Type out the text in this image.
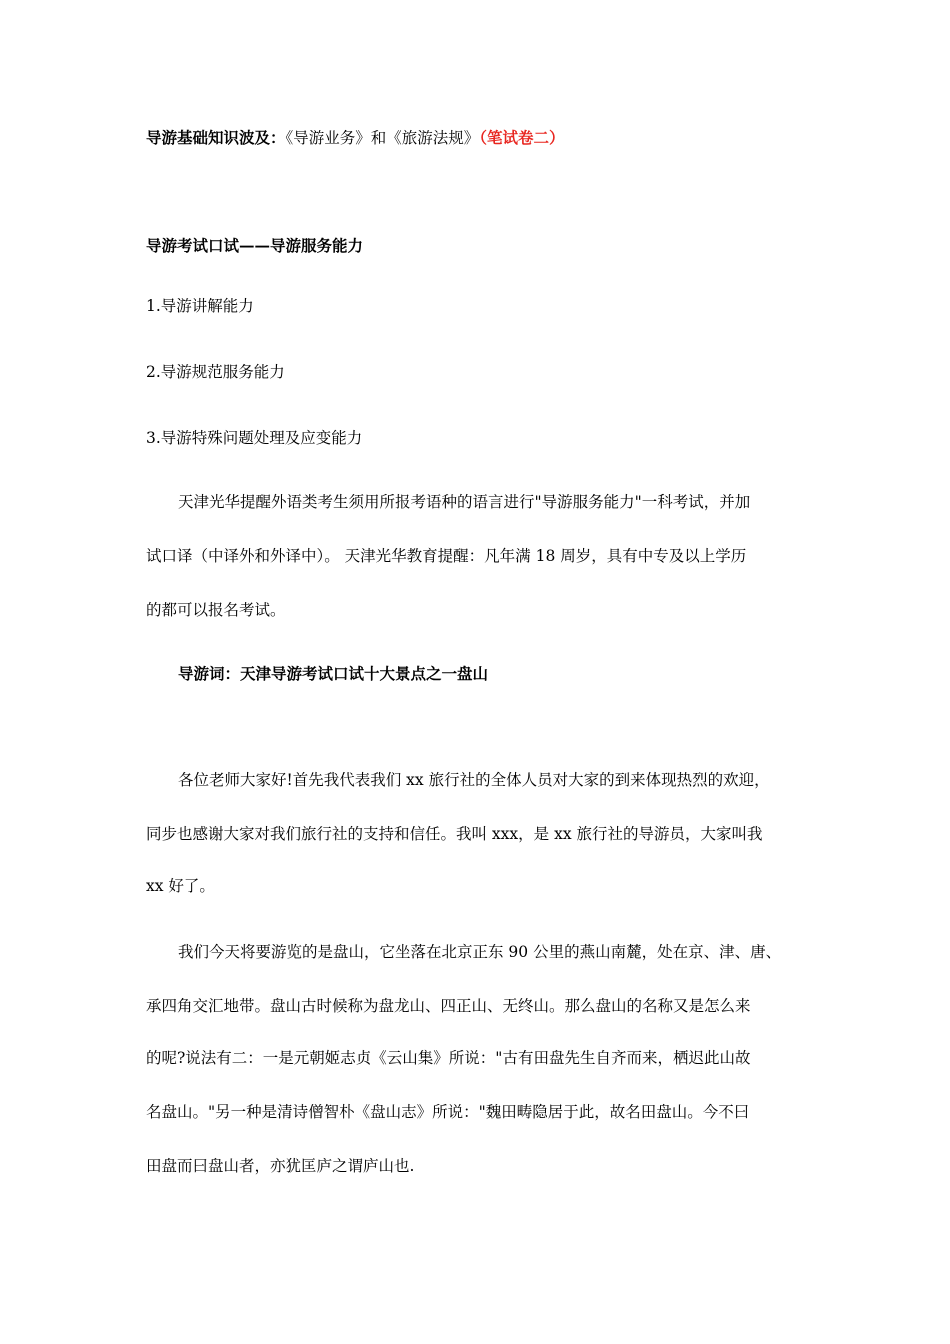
导游基础知识波及：《导游业务》和《旅游法规》（笔试卷二）
导游考试口试——导游服务能力
1.导游讲解能力
2.导游规范服务能力
3.导游特殊问题处理及应变能力
天津光华提醒外语类考生须用所报考语种的语言进行"导游服务能力"一科考试，并加
试口译（中译外和外译中）。 天津光华教育提醒：凡年满 18 周岁，具有中专及以上学历
的都可以报名考试。
导游词：天津导游考试口试十大景点之一盘山
各位老师大家好!首先我代表我们 xx 旅行社的全体人员对大家的到来体现热烈的欢迎，
同步也感谢大家对我们旅行社的支持和信任。我叫 xxx，是 xx 旅行社的导游员，大家叫我
xx 好了。
我们今天将要游览的是盘山，它坐落在北京正东 90 公里的燕山南麓，处在京、津、唐、
承四角交汇地带。盘山古时候称为盘龙山、四正山、无终山。那么盘山的名称又是怎么来
的呢?说法有二：一是元朝姬志贞《云山集》所说："古有田盘先生自齐而来，栖迟此山故
名盘山。"另一种是清诗僧智朴《盘山志》所说："魏田畴隐居于此，故名田盘山。今不曰
田盘而曰盘山者，亦犹匡庐之谓庐山也.
